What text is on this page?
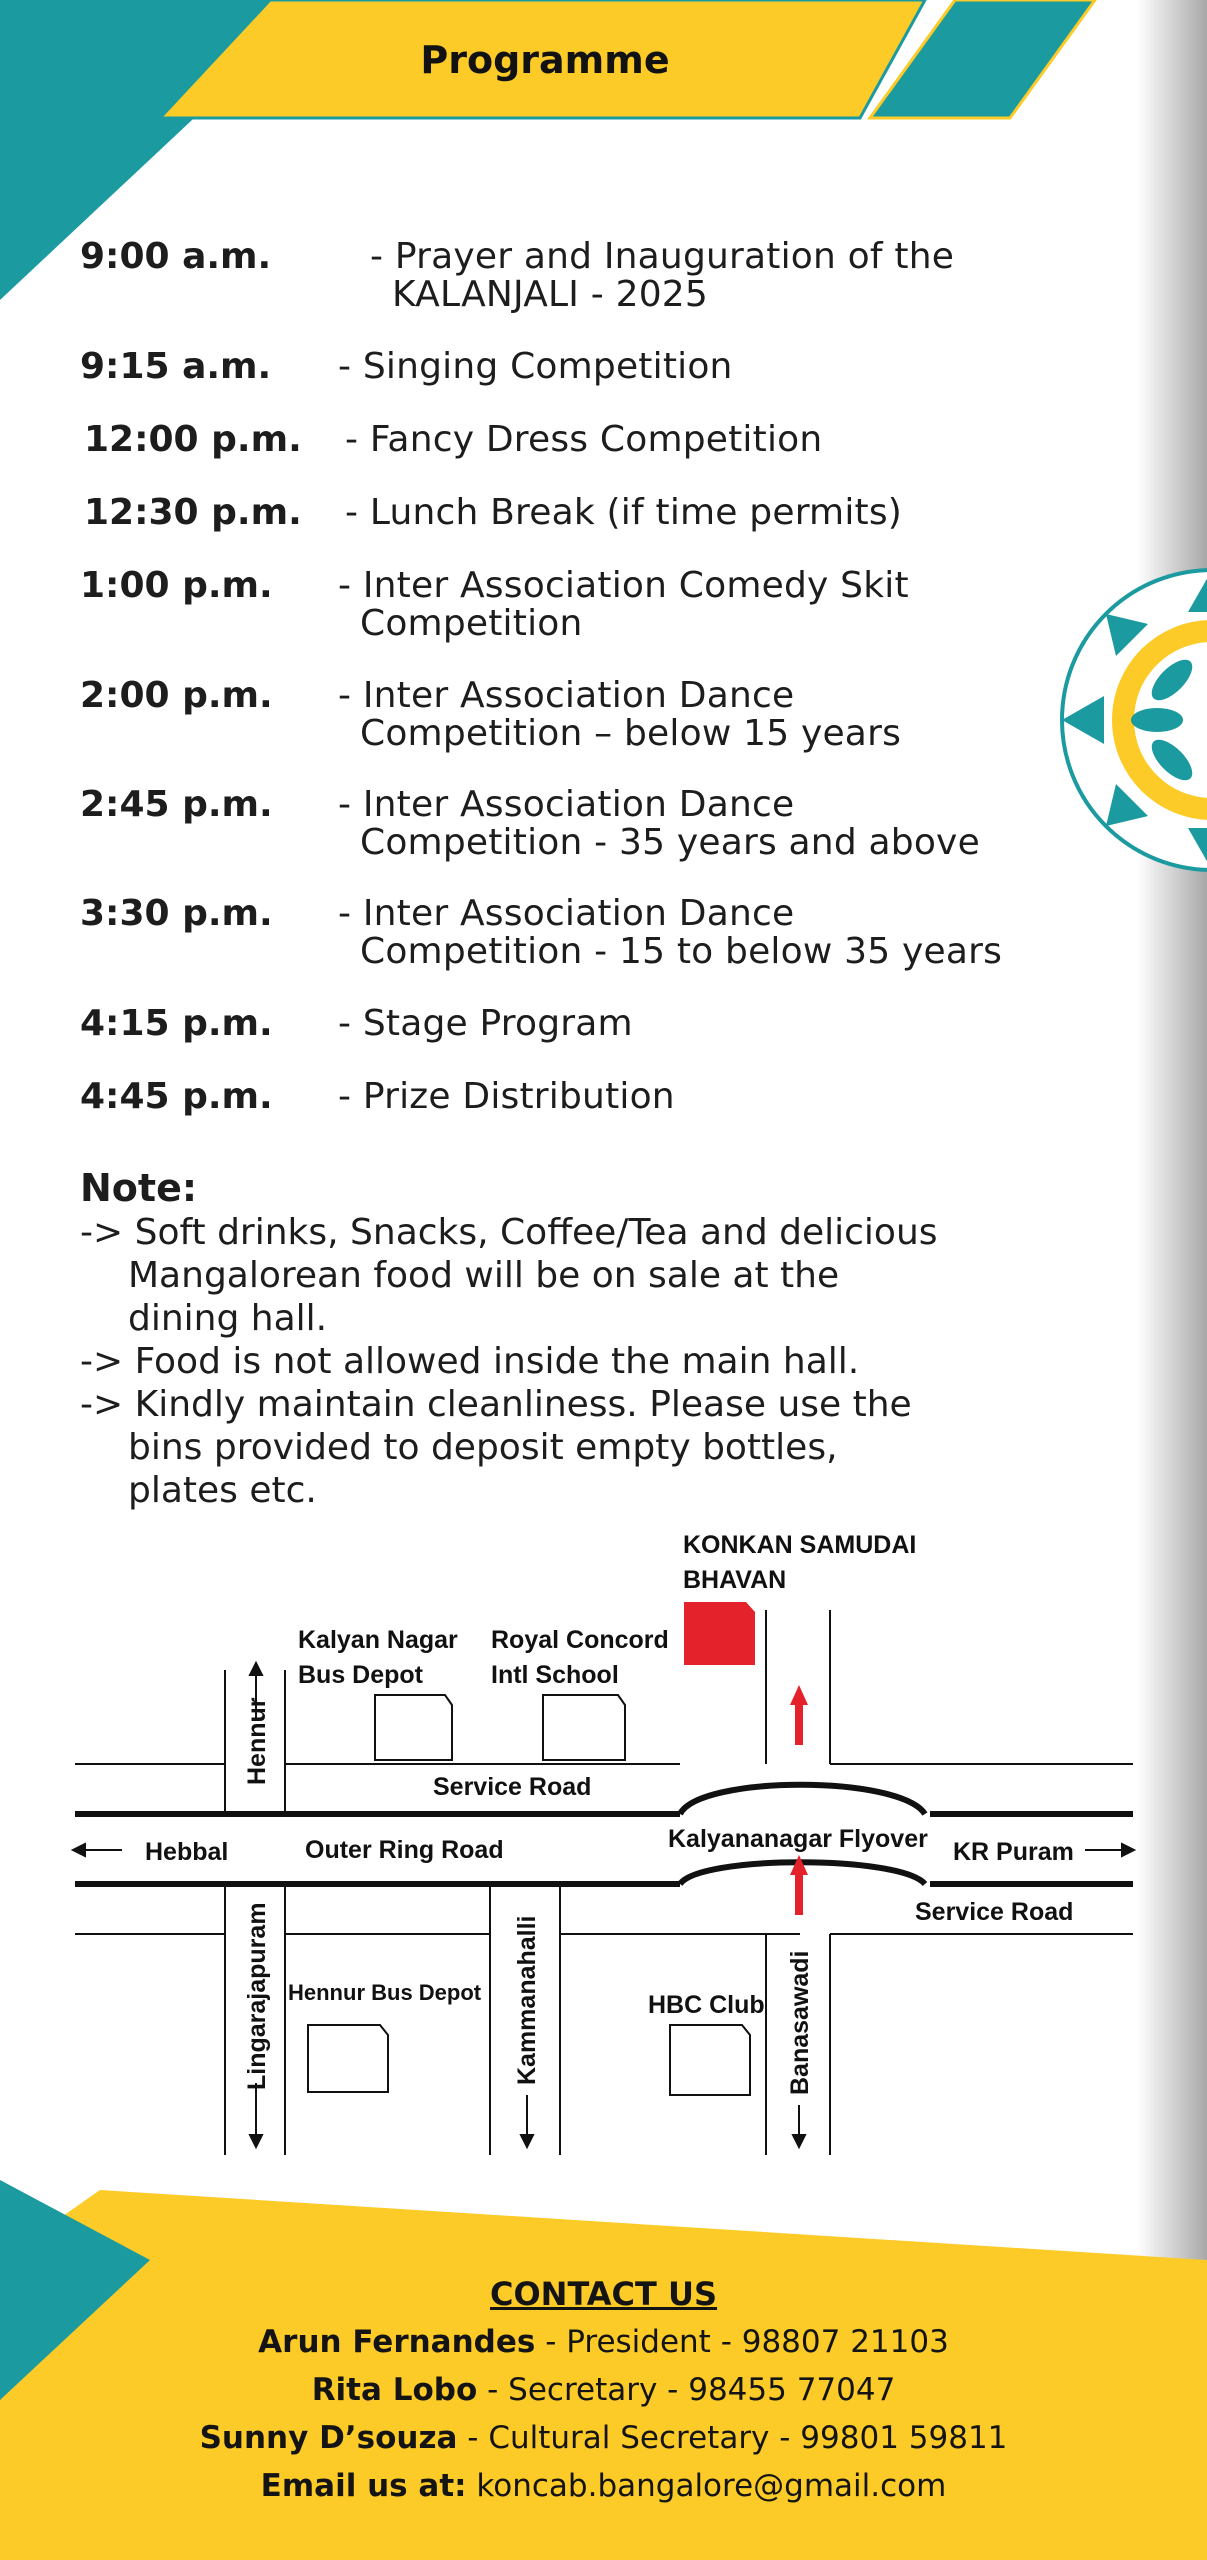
Programme
9:00 a.m.	- Prayer and Inauguration of the
KALANJALI - 2025
9:15 a.m. - Singing Competition
12:00 p.m. - Fancy Dress Competition
12:30 p.m. - Lunch Break (if time permits)
1:00 p.m. - Inter Association Comedy Skit
Competition
2:00 p.m. - Inter Association Dance
Competition – below 15 years
2:45 p.m. - Inter Association Dance
Competition - 35 years and above
3:30 p.m. - Inter Association Dance
Competition - 15 to below 35 years
4:15 p.m. - Stage Program
4:45 p.m. - Prize Distribution
Note:
-> Soft drinks, Snacks, Coffee/Tea and delicious
Mangalorean food will be on sale at the
dining hall.
-> Food is not allowed inside the main hall.
-> Kindly maintain cleanliness. Please use the
bins provided to deposit empty bottles,
plates etc.
KONKAN SAMUDAI
BHAVAN
Kalyan Nagar
Bus Depot
Royal Concord
Intl School
Service Road
Hebbal	Outer Ring Road	Kalyananagar Flyover KR Puram
Service Road
HBC Club
Hennur Bus Depot
Hennur
Lingarajapuram	Kammanahalli	Banasawadi
CONTACT US
Arun Fernandes - President - 98807 21103
Rita Lobo - Secretary - 98455 77047
Sunny D’souza - Cultural Secretary - 99801 59811
Email us at: koncab.bangalore@gmail.com
